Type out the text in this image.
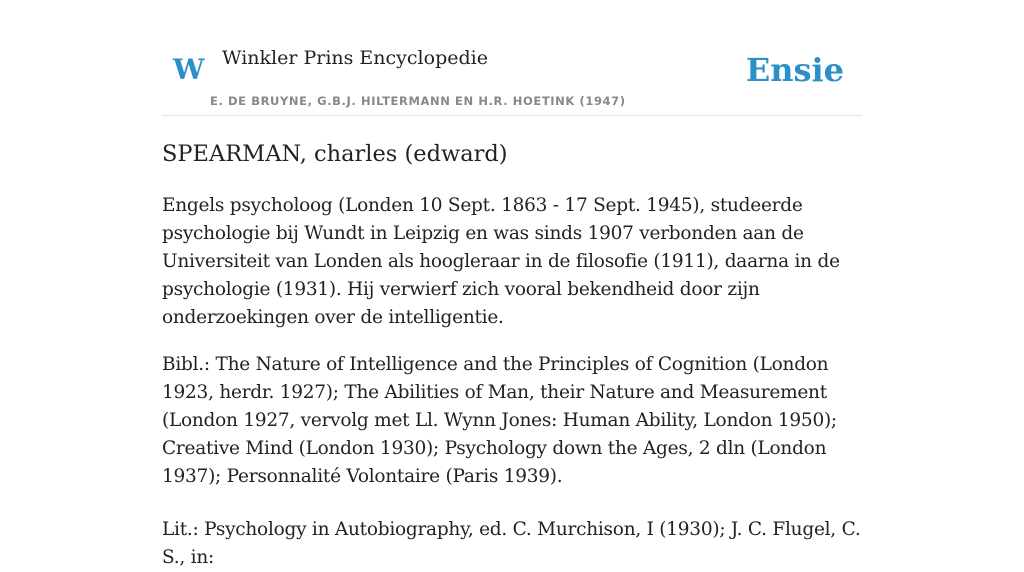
W Winkler Prins Encyclopedie
E. DE BRUYNE, G.B.J. HILTERMANN EN H.R. HOETINK (1947)
Ensie
SPEARMAN, charles (edward)

Engels psycholoog (Londen 10 Sept. 1863 - 17 Sept. 1945), studeerde psychologie bij Wundt in Leipzig en was sinds 1907 verbonden aan de Universiteit van Londen als hoogleraar in de filosofie (1911), daarna in de psychologie (1931). Hij verwierf zich vooral bekendheid door zijn onderzoekingen over de intelligentie.

Bibl.: The Nature of Intelligence and the Principles of Cognition (London 1923, herdr. 1927); The Abilities of Man, their Nature and Measurement (London 1927, vervolg met Ll. Wynn Jones: Human Ability, London 1950); Creative Mind (London 1930); Psychology down the Ages, 2 dln (London 1937); Personnalité Volontaire (Paris 1939).

Lit.: Psychology in Autobiography, ed. C. Murchison, I (1930); J. C. Flugel, C. S., in:
